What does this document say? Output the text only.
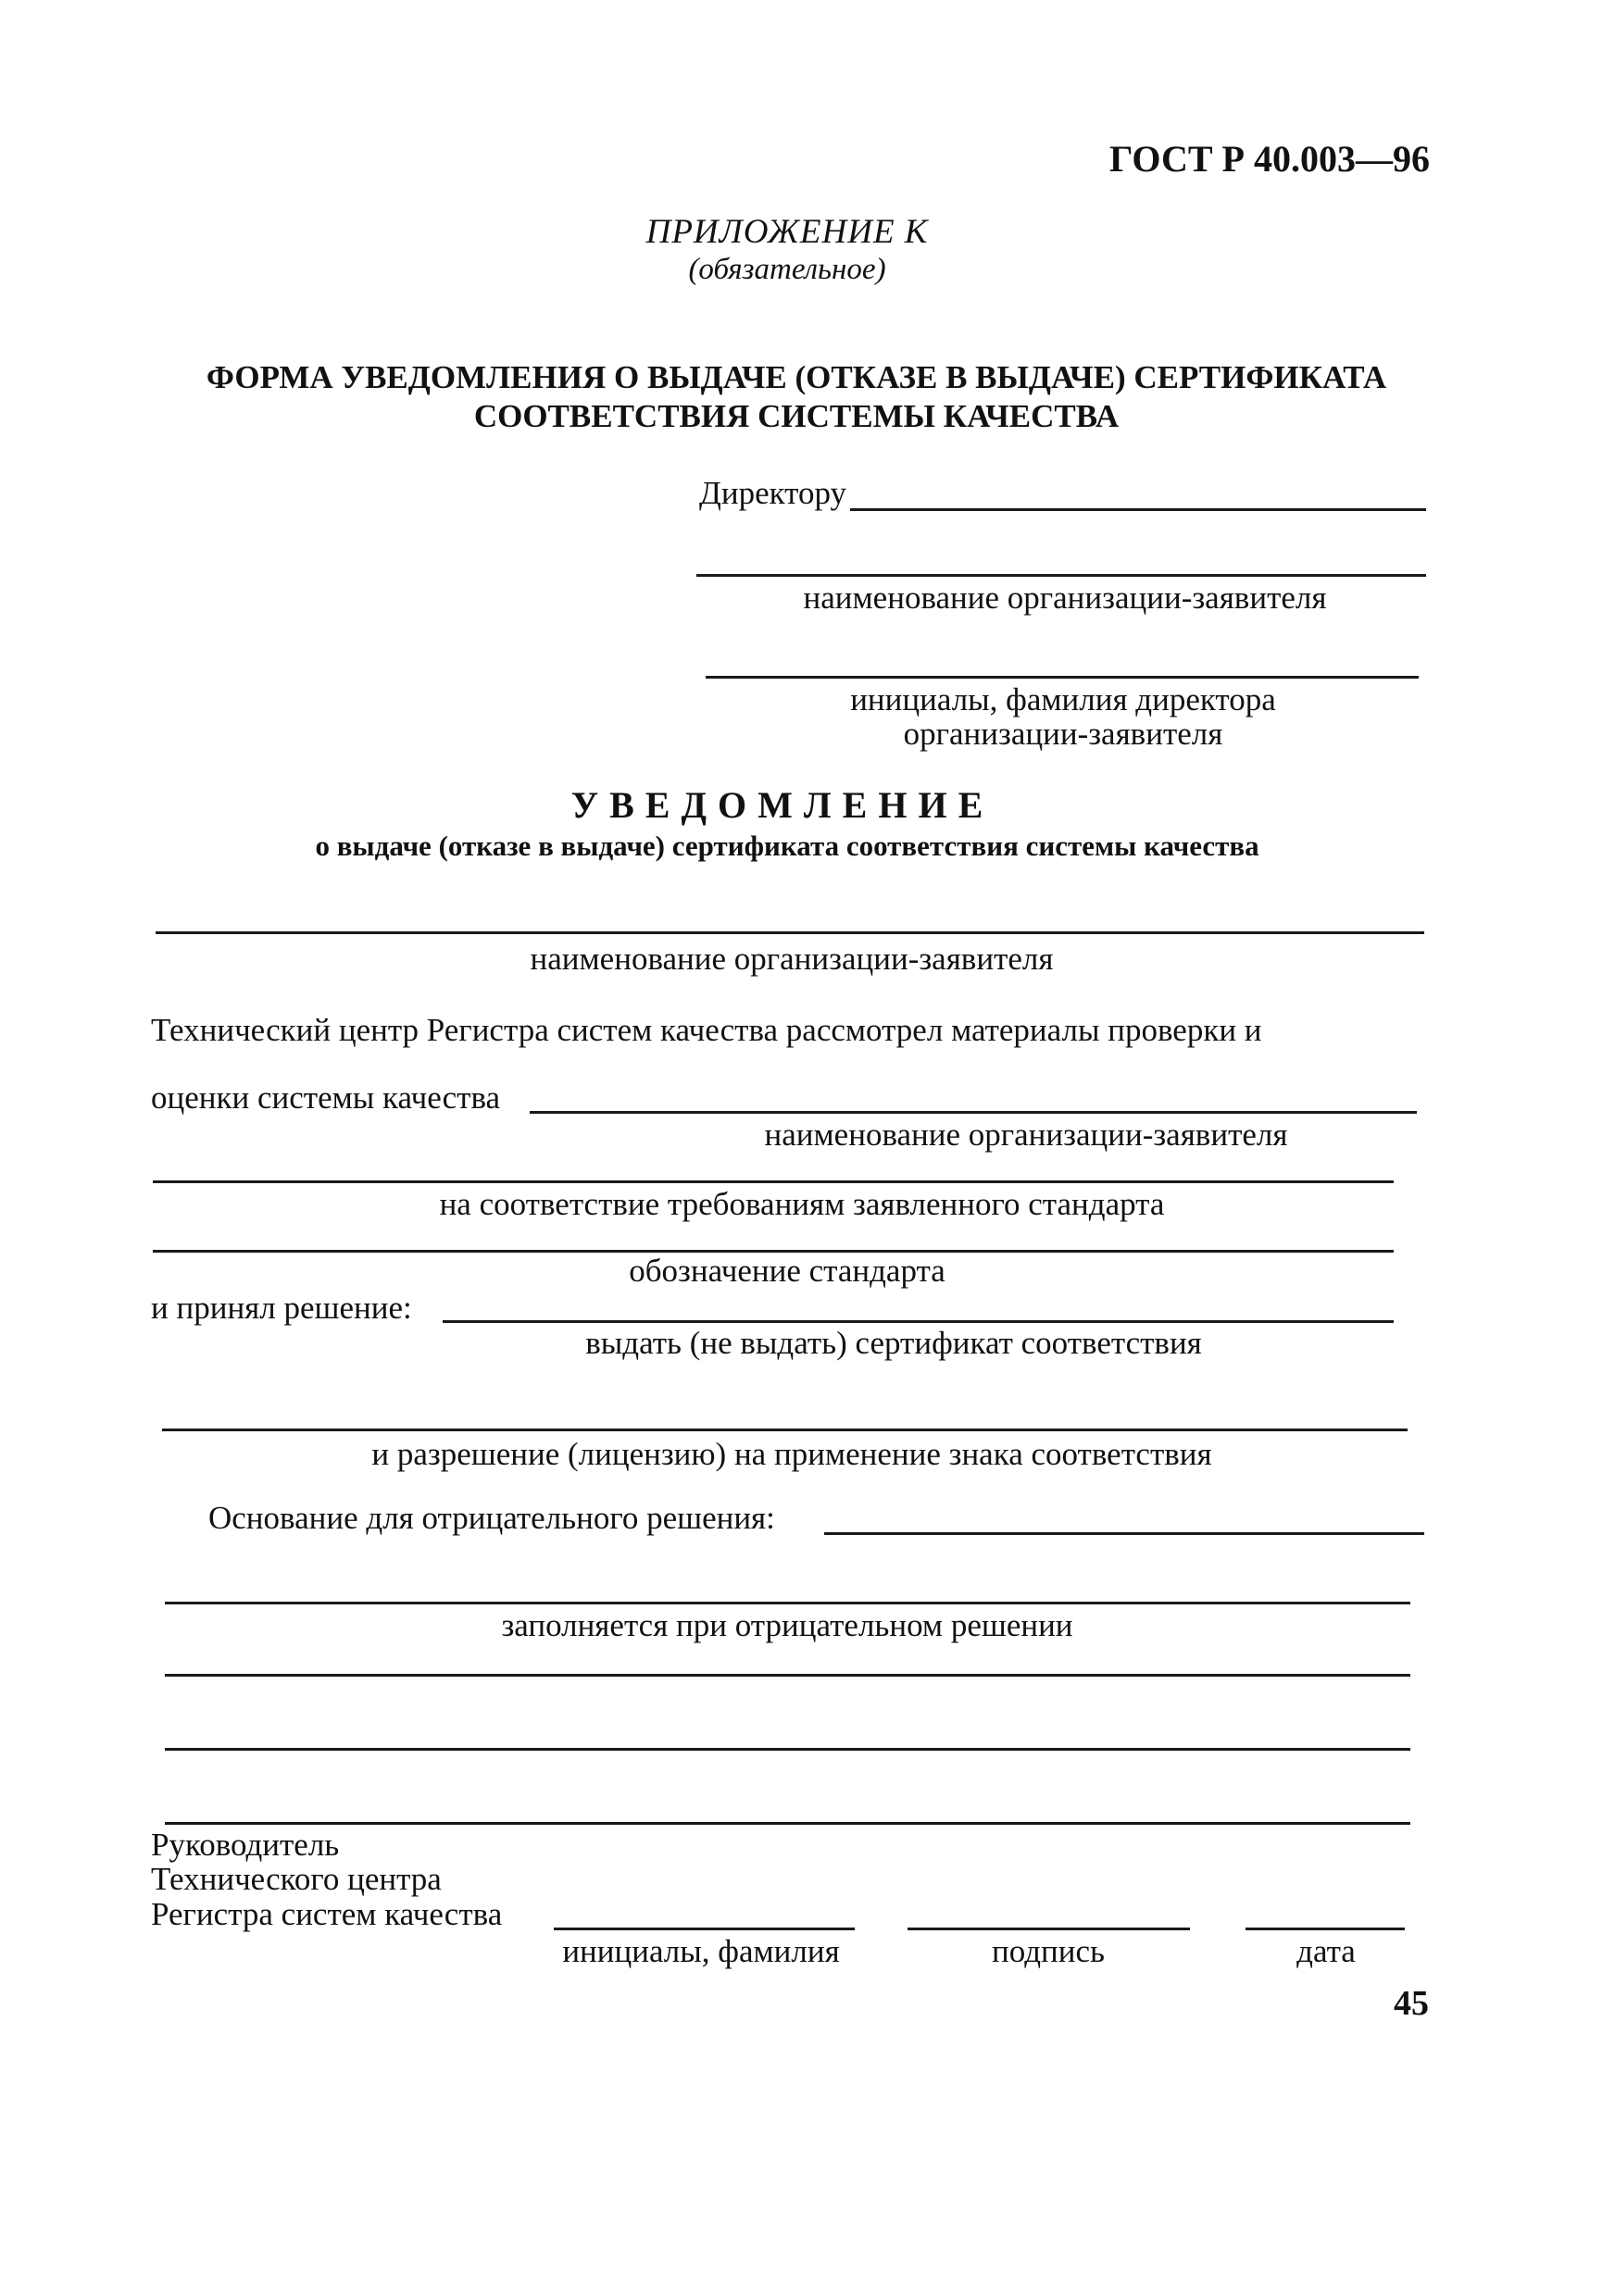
ГОСТ Р 40.003—96
ПРИЛОЖЕНИЕ К
(обязательное)
ФОРМА УВЕДОМЛЕНИЯ О ВЫДАЧЕ (ОТКАЗЕ В ВЫДАЧЕ) СЕРТИФИКАТА
СООТВЕТСТВИЯ СИСТЕМЫ КАЧЕСТВА
Директору
наименование организации-заявителя
инициалы, фамилия директора
организации-заявителя
УВЕДОМЛЕНИЕ
о выдаче (отказе в выдаче) сертификата соответствия системы качества
наименование организации-заявителя
Технический центр Регистра систем качества рассмотрел материалы проверки и
оценки системы качества
наименование организации-заявителя
на соответствие требованиям заявленного стандарта
обозначение стандарта
и принял решение:
выдать (не выдать) сертификат соответствия
и разрешение (лицензию) на применение знака соответствия
Основание для отрицательного решения:
заполняется при отрицательном решении
Руководитель
Технического центра
Регистра систем качества
инициалы, фамилия	подпись	дата
45
